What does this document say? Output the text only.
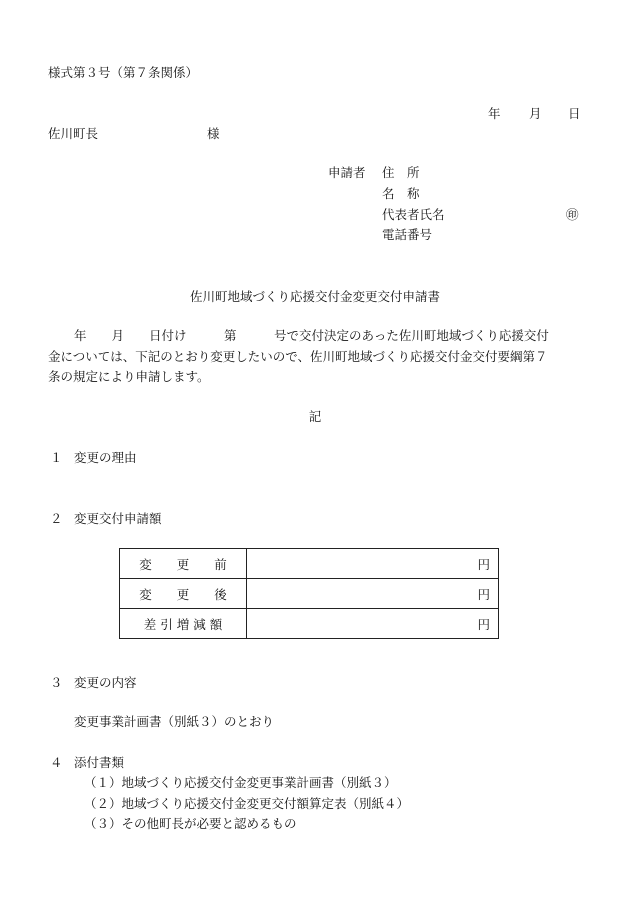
様式第３号（第７条関係）
年 月 日
佐川町長	様
申請者 住　所
名　称
代表者氏名	㊞
電話番号
佐川町地域づくり応援交付金変更交付申請書
年　　月　　日付け　　　第　　　号で交付決定のあった佐川町地域づくり応援交付
金については、下記のとおり変更したいので、佐川町地域づくり応援交付金交付要綱第７
条の規定により申請します。
記
１ 変更の理由
２ 変更交付申請額
変　　更　　前	円
変　　更　　後	円
差 引 増 減 額	円
３ 変更の内容
変更事業計画書（別紙３）のとおり
４ 添付書類
（１）地域づくり応援交付金変更事業計画書（別紙３）
（２）地域づくり応援交付金変更交付額算定表（別紙４）
（３）その他町長が必要と認めるもの
